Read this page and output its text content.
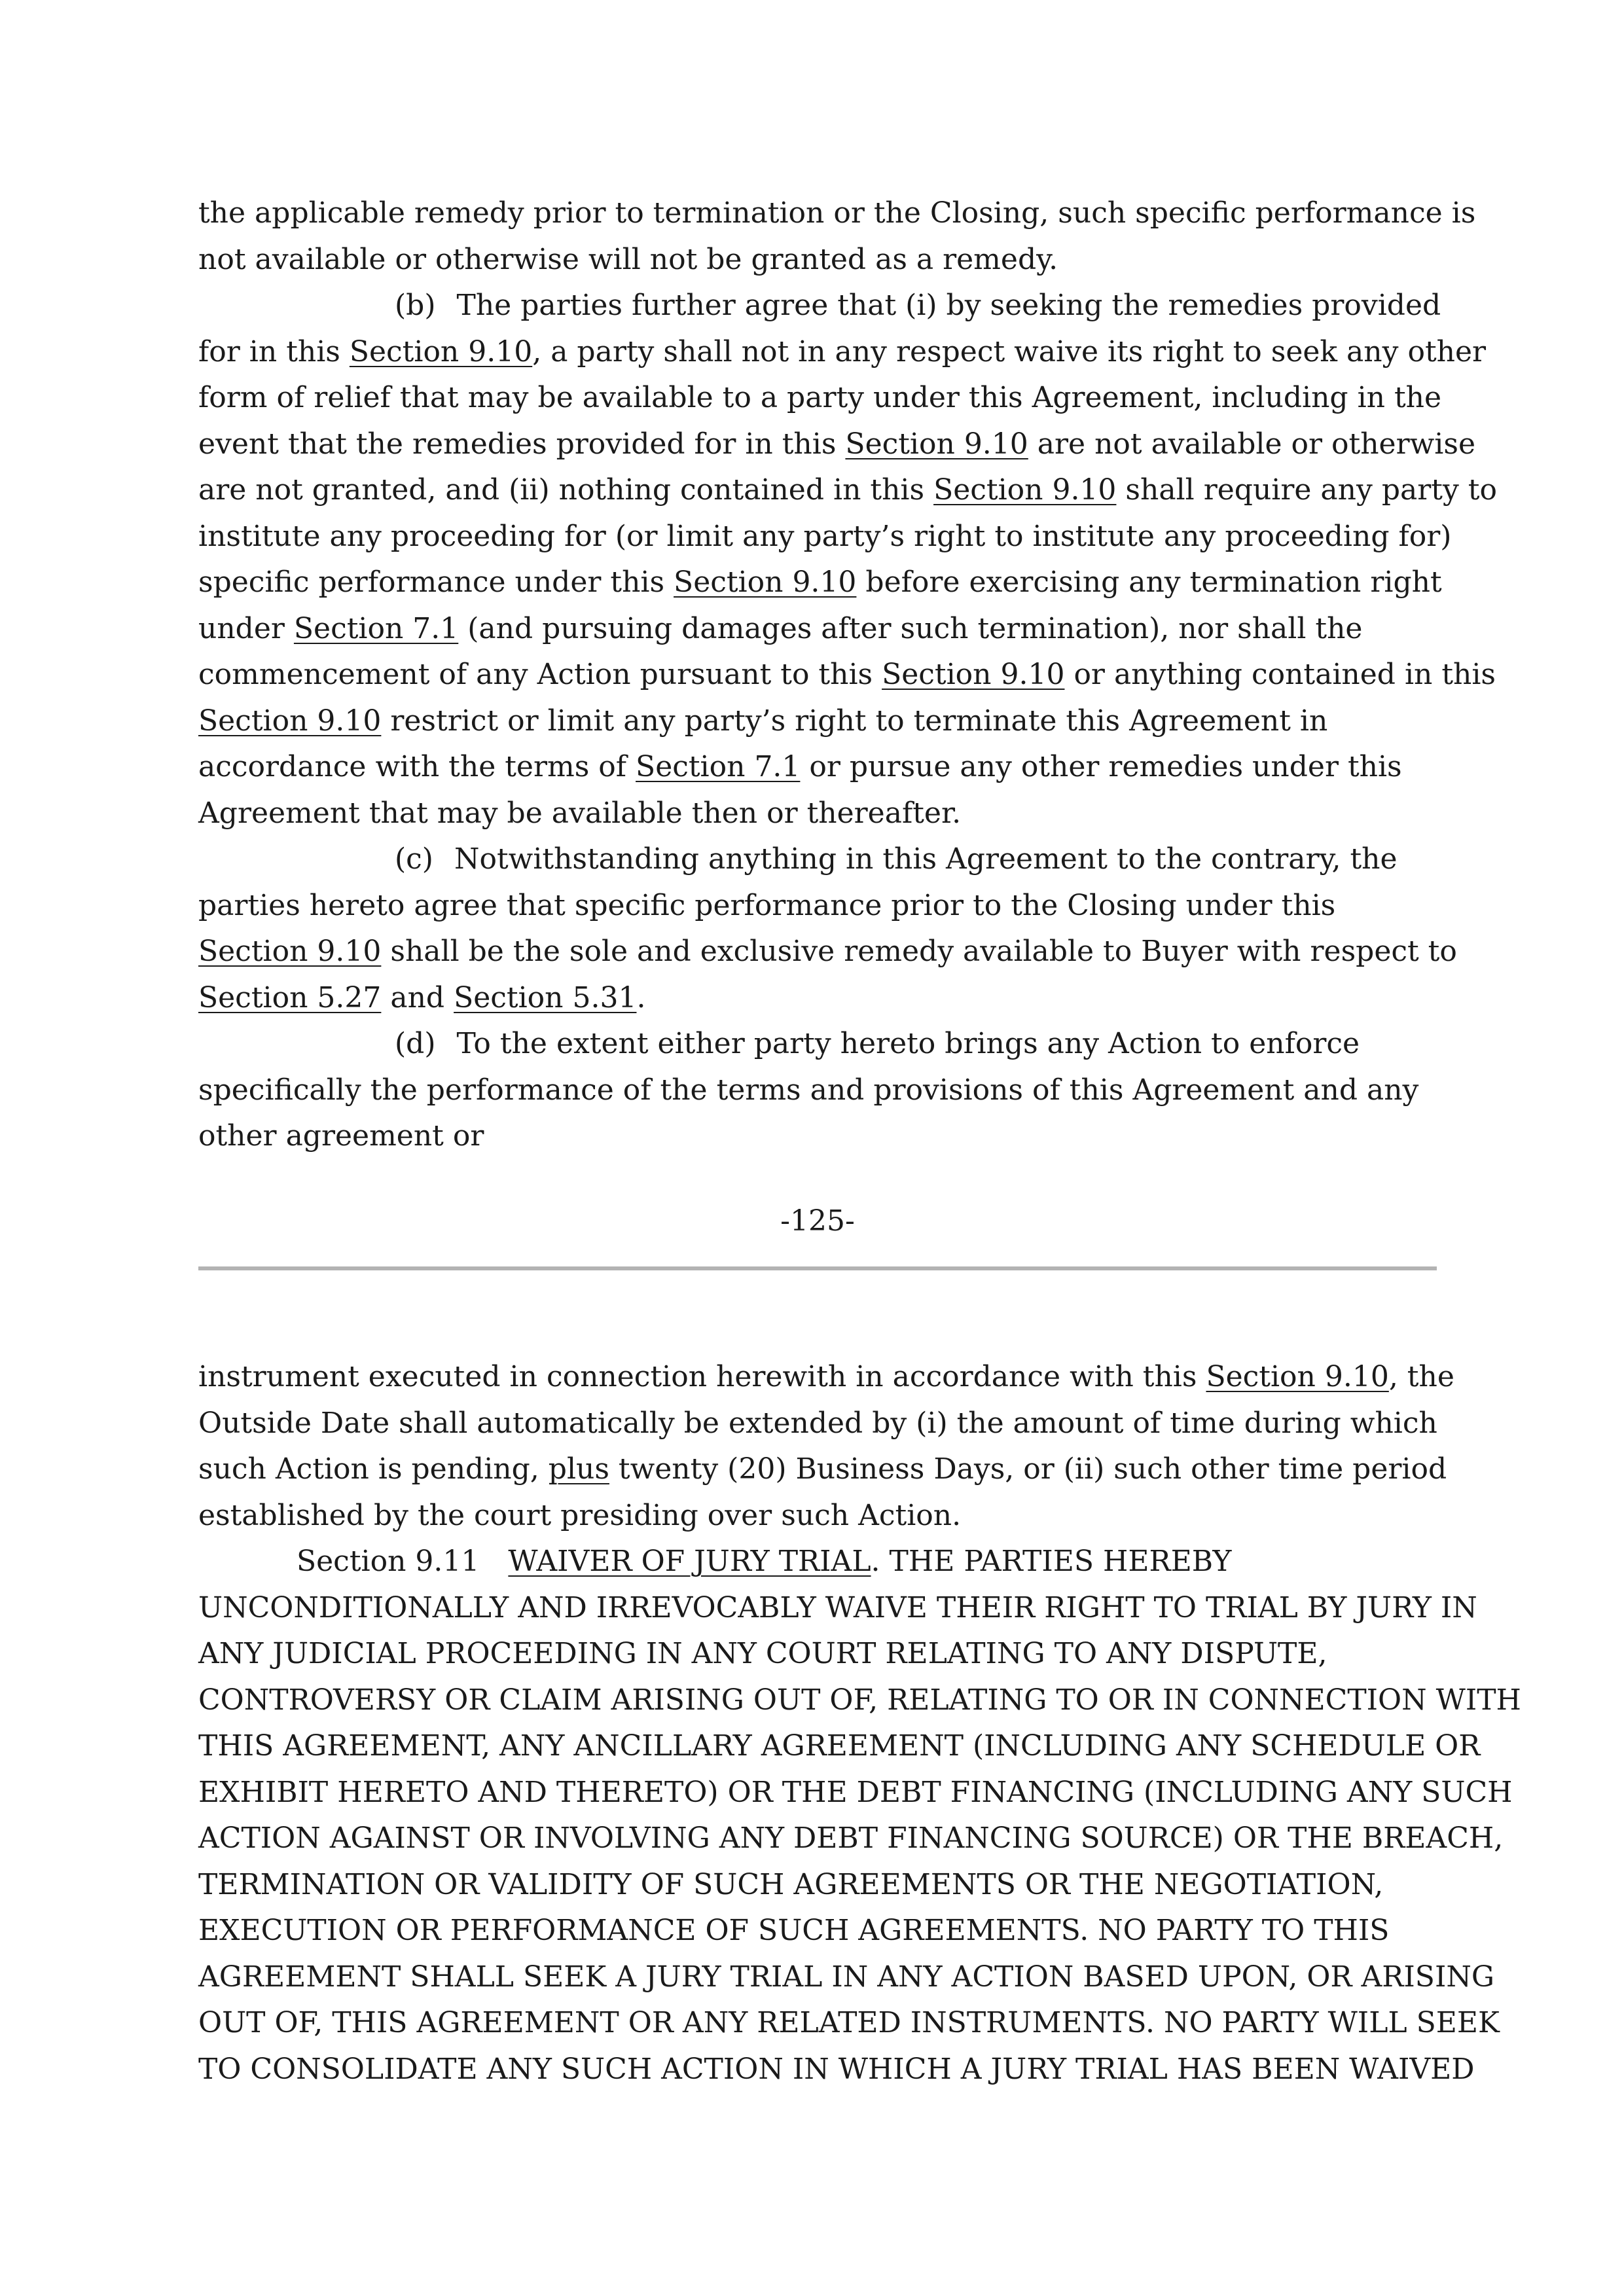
the applicable remedy prior to termination or the Closing, such specific performance is
not available or otherwise will not be granted as a remedy.
(b) The parties further agree that (i) by seeking the remedies provided
for in this Section 9.10, a party shall not in any respect waive its right to seek any other
form of relief that may be available to a party under this Agreement, including in the
event that the remedies provided for in this Section 9.10 are not available or otherwise
are not granted, and (ii) nothing contained in this Section 9.10 shall require any party to
institute any proceeding for (or limit any party’s right to institute any proceeding for)
specific performance under this Section 9.10 before exercising any termination right
under Section 7.1 (and pursuing damages after such termination), nor shall the
commencement of any Action pursuant to this Section 9.10 or anything contained in this
Section 9.10 restrict or limit any party’s right to terminate this Agreement in
accordance with the terms of Section 7.1 or pursue any other remedies under this
Agreement that may be available then or thereafter.
(c) Notwithstanding anything in this Agreement to the contrary, the
parties hereto agree that specific performance prior to the Closing under this
Section 9.10 shall be the sole and exclusive remedy available to Buyer with respect to
Section 5.27 and Section 5.31.
(d) To the extent either party hereto brings any Action to enforce
specifically the performance of the terms and provisions of this Agreement and any
other agreement or
-125-
instrument executed in connection herewith in accordance with this Section 9.10, the
Outside Date shall automatically be extended by (i) the amount of time during which
such Action is pending, plus twenty (20) Business Days, or (ii) such other time period
established by the court presiding over such Action.
Section 9.11 WAIVER OF JURY TRIAL. THE PARTIES HEREBY
UNCONDITIONALLY AND IRREVOCABLY WAIVE THEIR RIGHT TO TRIAL BY JURY IN
ANY JUDICIAL PROCEEDING IN ANY COURT RELATING TO ANY DISPUTE,
CONTROVERSY OR CLAIM ARISING OUT OF, RELATING TO OR IN CONNECTION WITH
THIS AGREEMENT, ANY ANCILLARY AGREEMENT (INCLUDING ANY SCHEDULE OR
EXHIBIT HERETO AND THERETO) OR THE DEBT FINANCING (INCLUDING ANY SUCH
ACTION AGAINST OR INVOLVING ANY DEBT FINANCING SOURCE) OR THE BREACH,
TERMINATION OR VALIDITY OF SUCH AGREEMENTS OR THE NEGOTIATION,
EXECUTION OR PERFORMANCE OF SUCH AGREEMENTS. NO PARTY TO THIS
AGREEMENT SHALL SEEK A JURY TRIAL IN ANY ACTION BASED UPON, OR ARISING
OUT OF, THIS AGREEMENT OR ANY RELATED INSTRUMENTS. NO PARTY WILL SEEK
TO CONSOLIDATE ANY SUCH ACTION IN WHICH A JURY TRIAL HAS BEEN WAIVED
